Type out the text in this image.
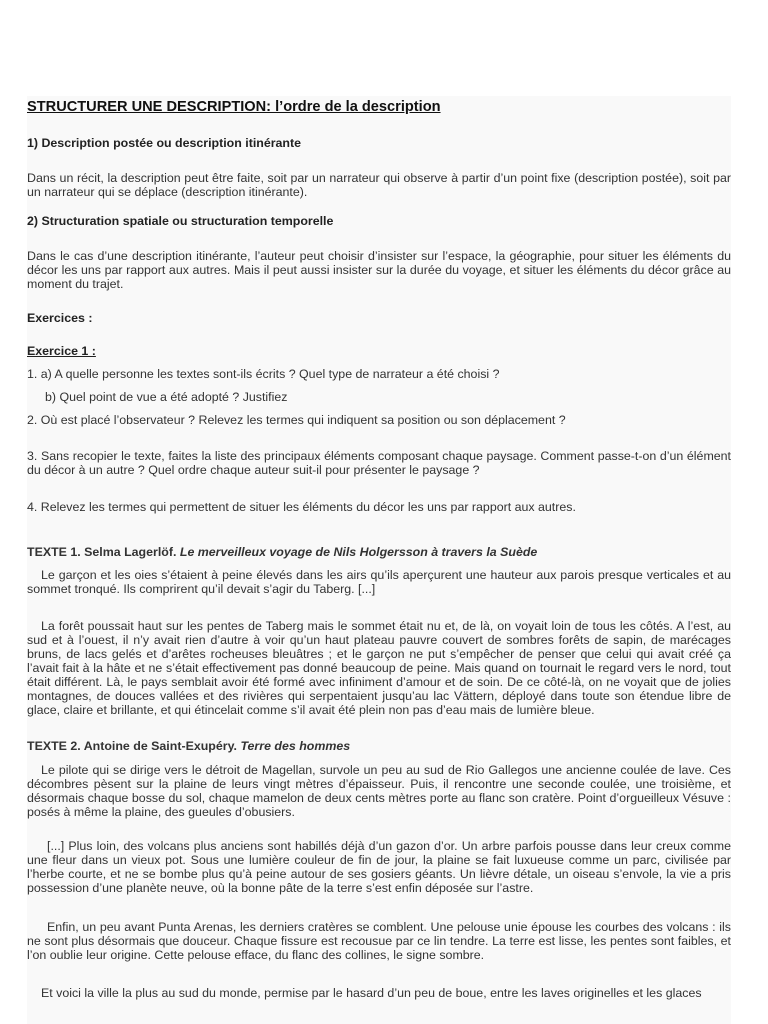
STRUCTURER UNE DESCRIPTION: l’ordre de la description

1) Description postée ou description itinérante

Dans un récit, la description peut être faite, soit par un narrateur qui observe à partir d’un point fixe (description postée), soit par un narrateur qui se déplace (description itinérante).

2) Structuration spatiale ou structuration temporelle

Dans le cas d’une description itinérante, l’auteur peut choisir d’insister sur l’espace, la géographie, pour situer les éléments du décor les uns par rapport aux autres. Mais il peut aussi insister sur la durée du voyage, et situer les éléments du décor grâce au moment du trajet.

Exercices :

Exercice 1 :

1. a) A quelle personne les textes sont-ils écrits ? Quel type de narrateur a été choisi ?

b) Quel point de vue a été adopté ? Justifiez

2. Où est placé l’observateur ? Relevez les termes qui indiquent sa position ou son déplacement ?

3. Sans recopier le texte, faites la liste des principaux éléments composant chaque paysage. Comment passe-t-on d’un élément du décor à un autre ? Quel ordre chaque auteur suit-il pour présenter le paysage ?

4. Relevez les termes qui permettent de situer les éléments du décor les uns par rapport aux autres.

TEXTE 1. Selma Lagerlöf. Le merveilleux voyage de Nils Holgersson à travers la Suède

Le garçon et les oies s’étaient à peine élevés dans les airs qu’ils aperçurent une hauteur aux parois presque verticales et au sommet tronqué. Ils comprirent qu’il devait s’agir du Taberg. [...]

La forêt poussait haut sur les pentes de Taberg mais le sommet était nu et, de là, on voyait loin de tous les côtés. A l’est, au sud et à l’ouest, il n’y avait rien d’autre à voir qu’un haut plateau pauvre couvert de sombres forêts de sapin, de marécages bruns, de lacs gelés et d’arêtes rocheuses bleuâtres ; et le garçon ne put s’empêcher de penser que celui qui avait créé ça l’avait fait à la hâte et ne s’était effectivement pas donné beaucoup de peine. Mais quand on tournait le regard vers le nord, tout était différent. Là, le pays semblait avoir été formé avec infiniment d’amour et de soin. De ce côté-là, on ne voyait que de jolies montagnes, de douces vallées et des rivières qui serpentaient jusqu’au lac Vättern, déployé dans toute son étendue libre de glace, claire et brillante, et qui étincelait comme s’il avait été plein non pas d’eau mais de lumière bleue.

TEXTE 2. Antoine de Saint-Exupéry. Terre des hommes

Le pilote qui se dirige vers le détroit de Magellan, survole un peu au sud de Rio Gallegos une ancienne coulée de lave. Ces décombres pèsent sur la plaine de leurs vingt mètres d’épaisseur. Puis, il rencontre une seconde coulée, une troisième, et désormais chaque bosse du sol, chaque mamelon de deux cents mètres porte au flanc son cratère. Point d’orgueilleux Vésuve : posés à même la plaine, des gueules d’obusiers.

[...] Plus loin, des volcans plus anciens sont habillés déjà d’un gazon d’or. Un arbre parfois pousse dans leur creux comme une fleur dans un vieux pot. Sous une lumière couleur de fin de jour, la plaine se fait luxueuse comme un parc, civilisée par l’herbe courte, et ne se bombe plus qu’à peine autour de ses gosiers géants. Un lièvre détale, un oiseau s’envole, la vie a pris possession d’une planète neuve, où la bonne pâte de la terre s’est enfin déposée sur l’astre.

Enfin, un peu avant Punta Arenas, les derniers cratères se comblent. Une pelouse unie épouse les courbes des volcans : ils ne sont plus désormais que douceur. Chaque fissure est recousue par ce lin tendre. La terre est lisse, les pentes sont faibles, et l’on oublie leur origine. Cette pelouse efface, du flanc des collines, le signe sombre.

Et voici la ville la plus au sud du monde, permise par le hasard d’un peu de boue, entre les laves originelles et les glaces
